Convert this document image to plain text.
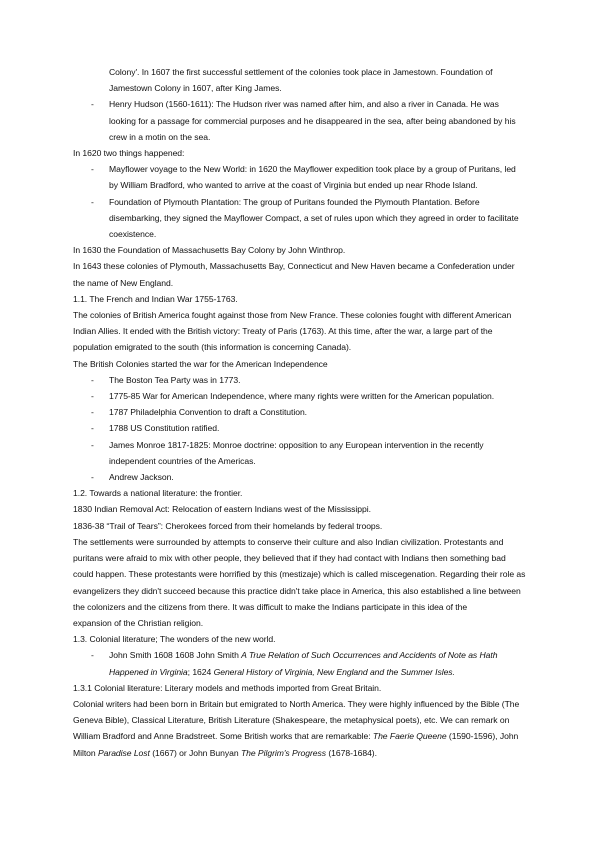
Colony'. In 1607 the first successful settlement of the colonies took place in Jamestown. Foundation of Jamestown Colony in 1607, after King James.

- Henry Hudson (1560-1611): The Hudson river was named after him, and also a river in Canada. He was looking for a passage for commercial purposes and he disappeared in the sea, after being abandoned by his crew in a motin on the sea.

In 1620 two things happened:

- Mayflower voyage to the New World: in 1620 the Mayflower expedition took place by a group of Puritans, led by William Bradford, who wanted to arrive at the coast of Virginia but ended up near Rhode Island.
- Foundation of Plymouth Plantation: The group of Puritans founded the Plymouth Plantation. Before disembarking, they signed the Mayflower Compact, a set of rules upon which they agreed in order to facilitate coexistence.

In 1630 the Foundation of Massachusetts Bay Colony by John Winthrop.

In 1643 these colonies of Plymouth, Massachusetts Bay, Connecticut and New Haven became a Confederation under the name of New England.

1.1. The French and Indian War 1755-1763.

The colonies of British America fought against those from New France. These colonies fought with different American Indian Allies. It ended with the British victory: Treaty of Paris (1763). At this time, after the war, a large part of the population emigrated to the south (this information is concerning Canada).

The British Colonies started the war for the American Independence

- The Boston Tea Party was in 1773.
- 1775-85 War for American Independence, where many rights were written for the American population.
- 1787 Philadelphia Convention to draft a Constitution.
- 1788 US Constitution ratified.
- James Monroe 1817-1825: Monroe doctrine: opposition to any European intervention in the recently independent countries of the Americas.
- Andrew Jackson.

1.2. Towards a national literature: the frontier.

1830 Indian Removal Act: Relocation of eastern Indians west of the Mississippi.

1836-38 “Trail of Tears”: Cherokees forced from their homelands by federal troops.

The settlements were surrounded by attempts to conserve their culture and also Indian civilization. Protestants and puritans were afraid to mix with other people, they believed that if they had contact with Indians then something bad could happen. These protestants were horrified by this (mestizaje) which is called miscegenation. Regarding their role as evangelizers they didn't succeed because this practice didn't take place in America, this also established a line between the colonizers and the citizens from there. It was difficult to make the Indians participate in this idea of the

expansion of the Christian religion.

1.3. Colonial literature; The wonders of the new world.

- John Smith 1608 1608 John Smith A True Relation of Such Occurrences and Accidents of Note as Hath Happened in Virginia; 1624 General History of Virginia, New England and the Summer Isles.

1.3.1 Colonial literature: Literary models and methods imported from Great Britain.

Colonial writers had been born in Britain but emigrated to North America. They were highly influenced by the Bible (The Geneva Bible), Classical Literature, British Literature (Shakespeare, the metaphysical poets), etc. We can remark on William Bradford and Anne Bradstreet. Some British works that are remarkable: The Faerie Queene (1590-1596), John Milton Paradise Lost (1667) or John Bunyan The Pilgrim's Progress (1678-1684).
